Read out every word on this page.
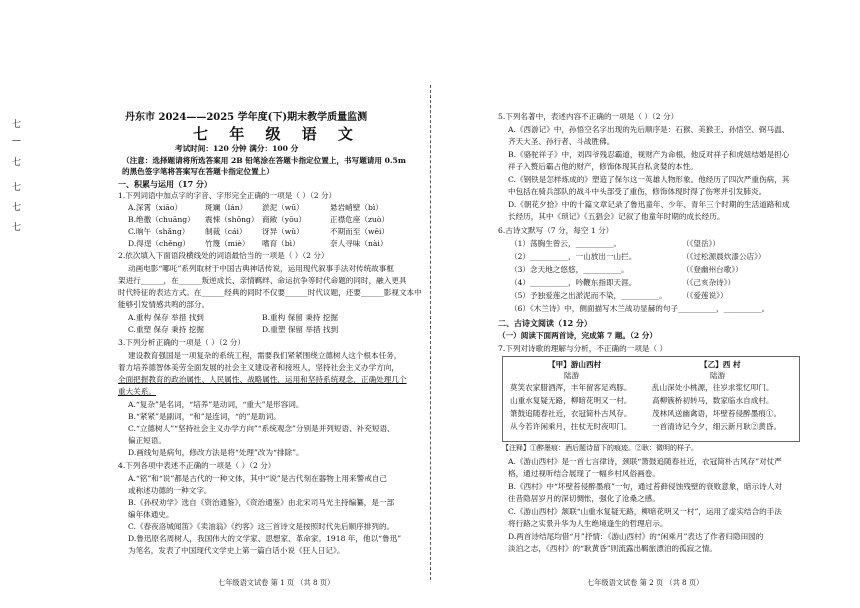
七
—
七
七
七
七
丹东市 2024——2025 学年度(下)期末教学质量监测
七 年 级 语 文
考试时间：120 分钟 满分：100 分
（注意：选择题请将所选答案用 2B 铅笔涂在答题卡指定位置上，书写题请用 0.5m
的黑色签字笔将答案写在答题卡指定位置上）
一、积累与运用（17 分）
1.下列词语中加点字的字音、字形完全正确的一项是（ ）（2 分）
A.深霄（xiāo）	斑斓（lán） 淤泥（wū）	悬岩峭壁（bì）
B.绝徼（chuāng） 震悚（shǒng） 商敞（yōu）	正襟危座（zuò）
C.晌午（shǎng） 制裁（cái） 讶异（wǔ）	不期而至（wēi）
D.得逞（chěng） 竹篾（miè） 嗜育（bì）	奈人寻味（nài）
2.依次填入下面语段横线处的词语最恰当的一项是（ ）（2 分）
动画电影“哪吒”系列取材于中国古典神话传说，运用现代叙事手法对传统故事框
架进行______，在______叛逆成长、亲情羁绊、命运抗争等时代命题的同时，融入更具
时代特征的表达方式。在______经典的同时不仅要______时代议题，还要______影视文本中
能够引发情感共鸣的部分。
A.重构 保存 举措 找到	B.重构 保留 秉持 挖掘
C.重塑 保存 秉持 挖掘	D.重塑 保留 举措 找到
3.下列分析正确的一项是（ ）（2 分）
建设教育强国是一项复杂的系统工程，需要我们紧紧围绕立德树人这个根本任务，
着力培养德智体美劳全面发展的社会主义建设者和接班人，坚持社会主义办学方向，
全面把握教育的政治属性、人民属性、战略属性，运用和坚持系统观念，正确处理几个
重大关系。
A.“复杂”是名词，“培养”是动词，“重大”是形容词。
B.“紧紧”是副词，“和”是连词，“的”是助词。
C.“立德树人”“坚持社会主义办学方向”“系统观念”分别是并列短语、补充短语、
偏正短语。
D.画线句是病句，修改方法是将“处理”改为“排除”。
4.下列各项中表述不正确的一项是（ ）（2 分）
A.“铭”和“说”都是古代的一种文体，其中“说”是古代刻在器物上用来警戒自己
或称述功德的一种文字。
B.《孙权劝学》选自《资治通鉴》，《资治通鉴》由北宋司马光主持编纂，是一部
编年体通史。
C.《春夜洛城闻笛》《卖油翁》《约客》这三首诗文是按照时代先后顺序排列的。
D.鲁迅原名周树人，我国伟大的文学家、思想家、革命家。1918 年，他以“鲁迅”
为笔名，发表了中国现代文学史上第一篇白话小说《狂人日记》。
七年级语文试卷 第 1 页 （共 8 页）
5.下列名著中，表述内容不正确的一项是（ ）（2 分）
A.《西游记》中，孙悟空名字出现的先后顺序是：石猴、美猴王、孙悟空、弼马温、
齐天大圣、孙行者、斗战胜佛。
B.《骆驼祥子》中，刘四爷残忍霸道，视财产为命根，他反对祥子和虎妞结婚是担心
祥子入赘后霸占他的财产，修饰体现其自私贪婪的本性。
C.《钢铁是怎样炼成的》塑造了保尔这一英雄人物形象。他经历了四次严重伤病，其
中包括在骑兵部队的战斗中头部受了重伤，修饰体现时得了伤寒并引发肺炎。
D.《朝花夕拾》中的十篇文章记录了鲁迅童年、少年、青年三个时期的生活道路和成
长经历，其中《琐记》《五猖会》记叙了他童年时期的成长经历。
6.古诗文默写（7 分，每空 1 分）
（1）荡胸生曾云，__________。	（《望岳》）
（2）__________，一山放出一山拦。	（《过松源晨炊漆公店》）
（3）念天地之悠悠，__________。	（《登幽州台歌》）
（4）__________，吟鞭东指即天涯。	（《己亥杂诗》）
（5）予独爱莲之出淤泥而不染，__________。 （《爱莲说》）
（6）《木兰诗》中，侧面描写木兰战功显赫的句子__________，__________。
二、古诗文阅读（12 分）
（一）阅读下面两首诗，完成第 7 题。（2 分）
7.下列对诗歌的理解与分析，不正确的一项是（ ）
【甲】游山西村
陆游
莫笑农家腊酒浑，丰年留客足鸡豚。
山重水复疑无路，柳暗花明又一村。
箫鼓追随春社近，衣冠简朴古风存。
从今若许闲乘月，拄杖无时夜叩门。
【乙】西 村
陆游
乱山深处小桃源，往岁求浆忆叩门。
高柳簇桥初转马，数家临水自成村。
茂林风送幽禽语，坏壁苔侵醉墨痕①。
一首清诗记今夕，细云新月耿②黄昏。
【注释】①醉墨痕：酒后题诗留下的痕迹。②耿：微明的样子。
A.《游山西村》是一首七言律诗，颈联“箫鼓追随春社近，衣冠简朴古风存”对仗严
格，通过视听结合展现了一幅乡村风俗画卷。
B.《西村》中“坏壁苔侵醉墨痕”一句，通过苔藓侵蚀残壁的衰败意象，暗示诗人对
往昔隐居岁月的深切惆怅，强化了沧桑之感。
C.《游山西村》颔联“山重水复疑无路，柳暗花明又一村”，运用了虚实结合的手法
将行路之实景升华为人生绝境逢生的哲理启示。
D.两首诗结尾均借“月”抒情：《游山西村》的“闲乘月”表达了作者归隐田园的
淡泊之志，《西村》的“耿黄昏”则流露出羁旅漂泊的孤寂之情。
七年级语文试卷 第 2 页 （共 8 页）
